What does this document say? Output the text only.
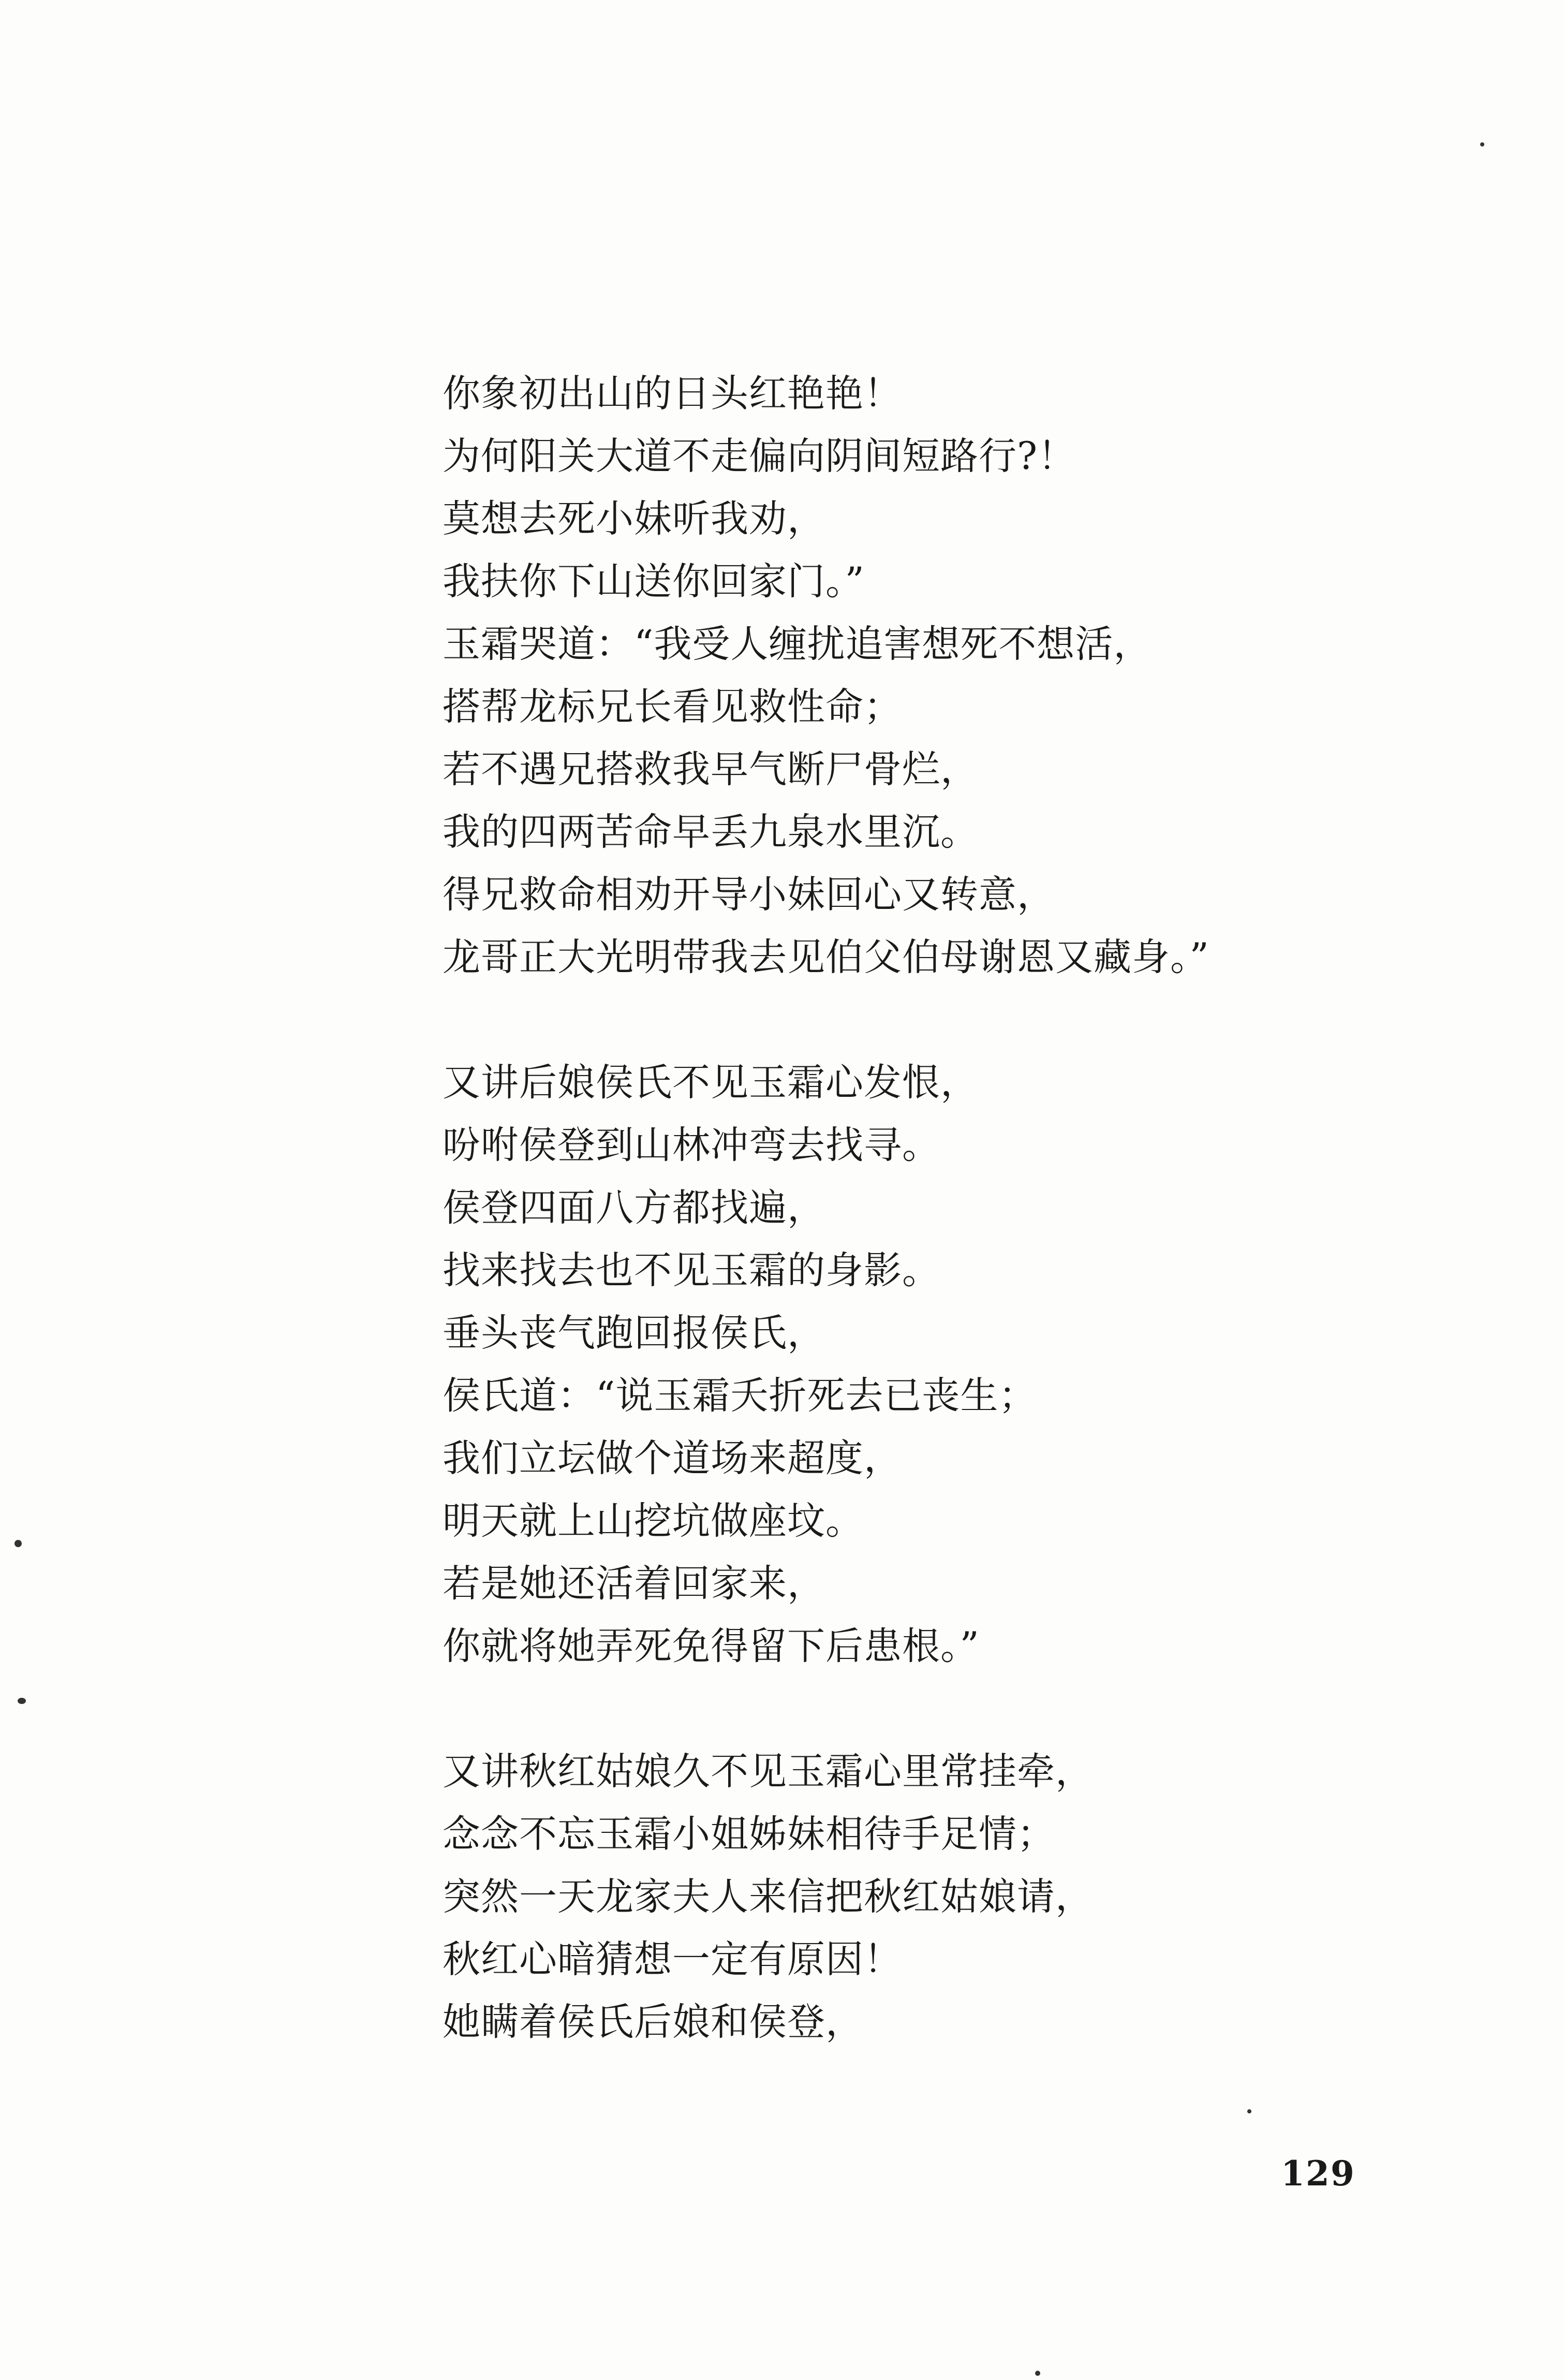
你象初出山的日头红艳艳！
为何阳关大道不走偏向阴间短路行?！
莫想去死小妹听我劝，
我扶你下山送你回家门。”
玉霜哭道：“我受人缠扰追害想死不想活，
搭帮龙标兄长看见救性命；
若不遇兄搭救我早气断尸骨烂，
我的四两苦命早丢九泉水里沉。
得兄救命相劝开导小妹回心又转意，
龙哥正大光明带我去见伯父伯母谢恩又藏身。”
又讲后娘侯氏不见玉霜心发恨，
吩咐侯登到山林冲弯去找寻。
侯登四面八方都找遍，
找来找去也不见玉霜的身影。
垂头丧气跑回报侯氏，
侯氏道：“说玉霜夭折死去已丧生；
我们立坛做个道场来超度，
明天就上山挖坑做座坟。
若是她还活着回家来，
你就将她弄死免得留下后患根。”
又讲秋红姑娘久不见玉霜心里常挂牵，
念念不忘玉霜小姐姊妹相待手足情；
突然一天龙家夫人来信把秋红姑娘请，
秋红心暗猜想一定有原因！
她瞒着侯氏后娘和侯登，
129
